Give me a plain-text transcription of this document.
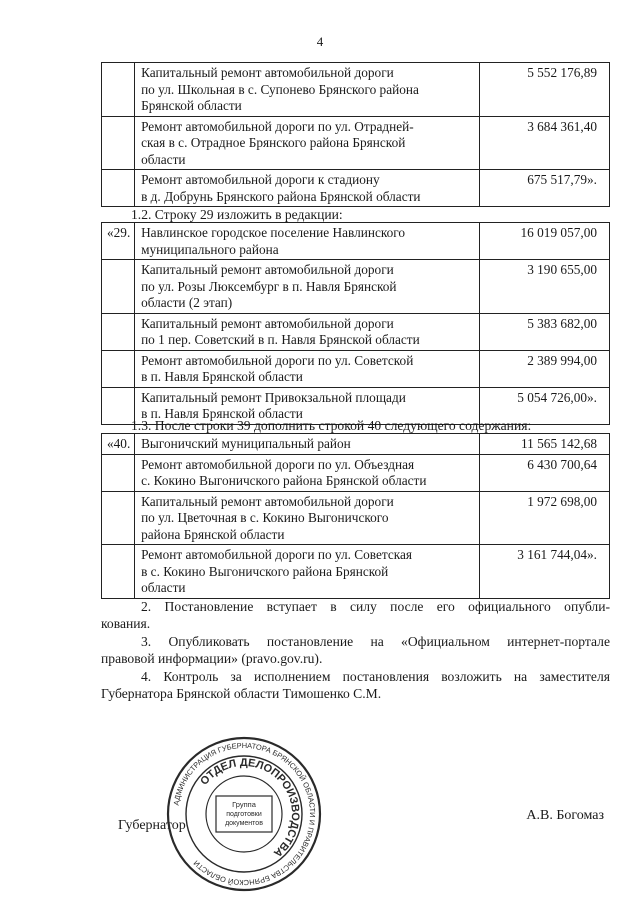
4

	Капитальный ремонт автомобильной дороги
по ул. Школьная в с. Супонево Брянского района
Брянской области	5 552 176,89

	Ремонт автомобильной дороги по ул. Отрадней-
ская в с. Отрадное Брянского района Брянской
области	3 684 361,40

	Ремонт автомобильной дороги к стадиону
в д. Добрунь Брянского района Брянской области	675 517,79».
1.2. Строку 29 изложить в редакции:
«29.	Навлинское городское поселение Навлинского
муниципального района	16 019 057,00

	Капитальный ремонт автомобильной дороги
по ул. Розы Люксембург в п. Навля Брянской
области (2 этап)	3 190 655,00

	Капитальный ремонт автомобильной дороги
по 1 пер. Советский в п. Навля Брянской области	5 383 682,00

	Ремонт автомобильной дороги по ул. Советской
в п. Навля Брянской области	2 389 994,00

	Капитальный ремонт Привокзальной площади
в п. Навля Брянской области	5 054 726,00».
1.3. После строки 39 дополнить строкой 40 следующего содержания:
«40.	Выгоничский муниципальный район	11 565 142,68

	Ремонт автомобильной дороги по ул. Объездная
с. Кокино Выгоничского района Брянской области	6 430 700,64

	Капитальный ремонт автомобильной дороги
по ул. Цветочная в с. Кокино Выгоничского
района Брянской области	1 972 698,00

	Ремонт автомобильной дороги по ул. Советская
в с. Кокино Выгоничского района Брянской
области	3 161 744,04».
2. Постановление вступает в силу после его официального опубли-
кования.
3. Опубликовать постановление на «Официальном интернет-портале
правовой информации» (pravo.gov.ru).
4. Контроль за исполнением постановления возложить на заместителя
Губернатора Брянской области Тимошенко С.М.
Губернатор
А.В. Богомаз
АДМИНИСТРАЦИЯ ГУБЕРНАТОРА БРЯНСКОЙ ОБЛАСТИ И ПРАВИТЕЛЬСТВА БРЯНСКОЙ ОБЛАСТИ
ОТДЕЛ ДЕЛОПРОИЗВОДСТВА
Группа
подготовки
документов
